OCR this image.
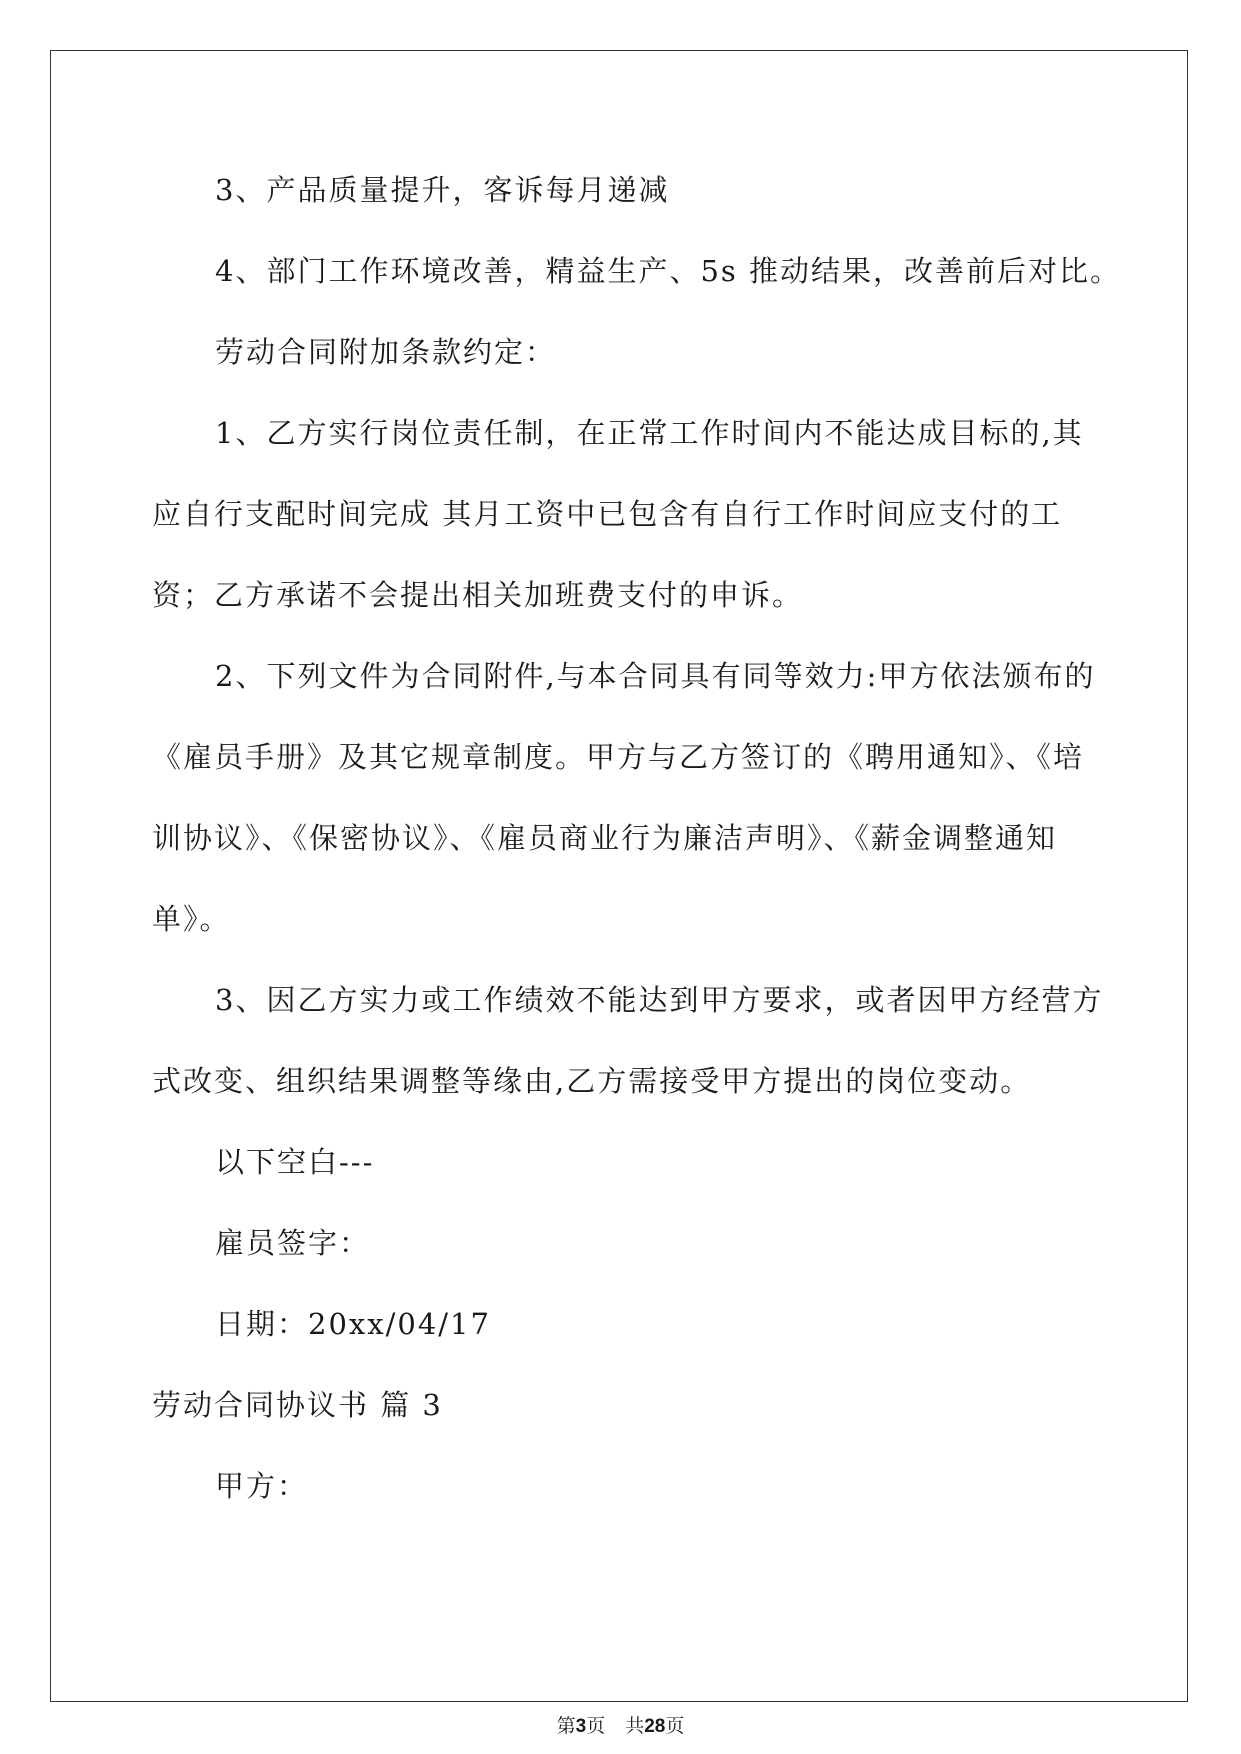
3、产品质量提升，客诉每月递减
4、部门工作环境改善，精益生产、5s 推动结果，改善前后对比。
劳动合同附加条款约定：
1、乙方实行岗位责任制，在正常工作时间内不能达成目标的,其
应自行支配时间完成 其月工资中已包含有自行工作时间应支付的工
资；乙方承诺不会提出相关加班费支付的申诉。
2、下列文件为合同附件,与本合同具有同等效力:甲方依法颁布的
《雇员手册》及其它规章制度。甲方与乙方签订的《聘用通知》、《培
训协议》、《保密协议》、《雇员商业行为廉洁声明》、《薪金调整通知
单》。
3、因乙方实力或工作绩效不能达到甲方要求，或者因甲方经营方
式改变、组织结果调整等缘由,乙方需接受甲方提出的岗位变动。
以下空白---
雇员签字：
日期：20xx/04/17
劳动合同协议书 篇 3
甲方：
第3页 共28页
